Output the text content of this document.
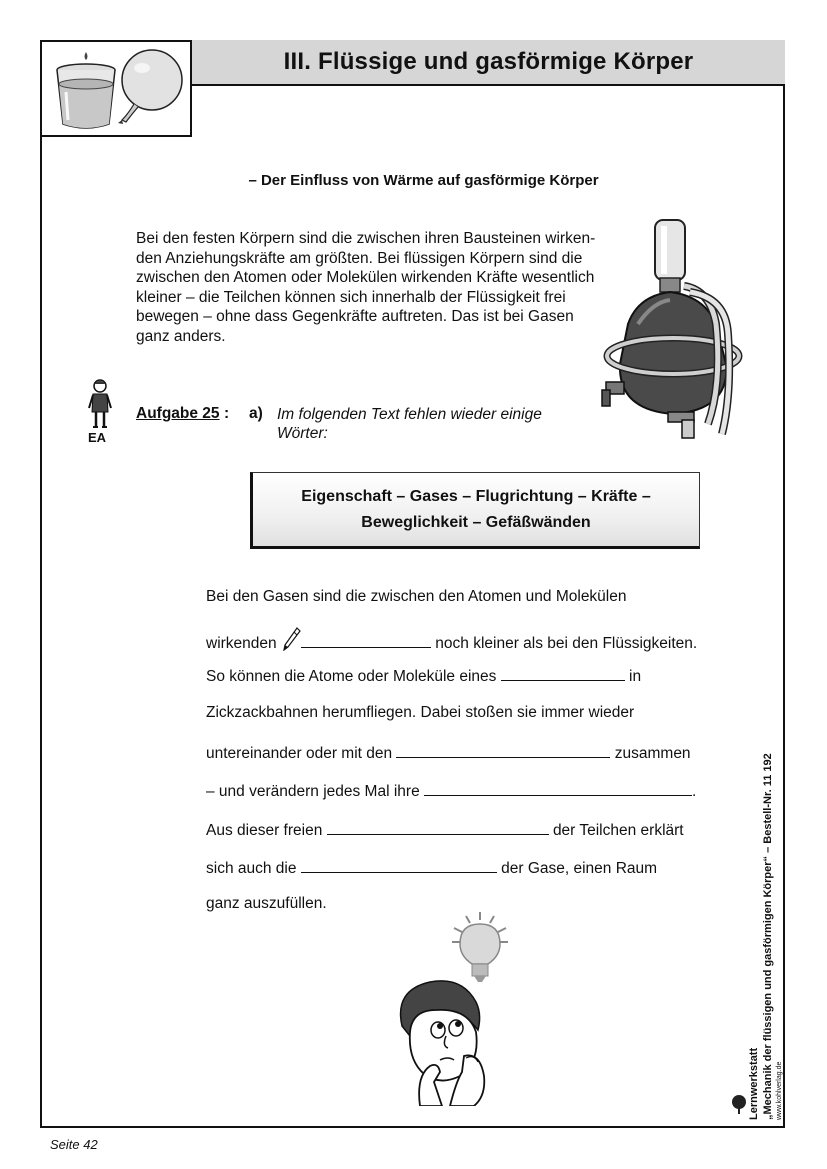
III. Flüssige und gasförmige Körper
– Der Einfluss von Wärme auf gasförmige Körper
Bei den festen Körpern sind die zwischen ihren Bausteinen wirken-
den Anziehungskräfte am größten. Bei flüssigen Körpern sind die
zwischen den Atomen oder Molekülen wirkenden Kräfte wesentlich
kleiner – die Teilchen können sich innerhalb der Flüssigkeit frei
bewegen – ohne dass Gegenkräfte auftreten. Das ist bei Gasen
ganz anders.
EA
Aufgabe 25 : a) Im folgenden Text fehlen wieder einige Wörter:
Eigenschaft – Gases – Flugrichtung – Kräfte –
Beweglichkeit – Gefäßwänden
Bei den Gasen sind die zwischen den Atomen und Molekülen
wirkenden	noch kleiner als bei den Flüssigkeiten.
So können die Atome oder Moleküle eines	in
Zickzackbahnen herumfliegen. Dabei stoßen sie immer wieder
untereinander oder mit den	zusammen
– und verändern jedes Mal ihre	.
Aus dieser freien	der Teilchen erklärt
sich auch die	der Gase, einen Raum
ganz auszufüllen.
Lernwerkstatt „Mechanik der flüssigen und gasförmigen Körper“ – Bestell-Nr. 11 192 www.kohlverlag.de
Seite 42
